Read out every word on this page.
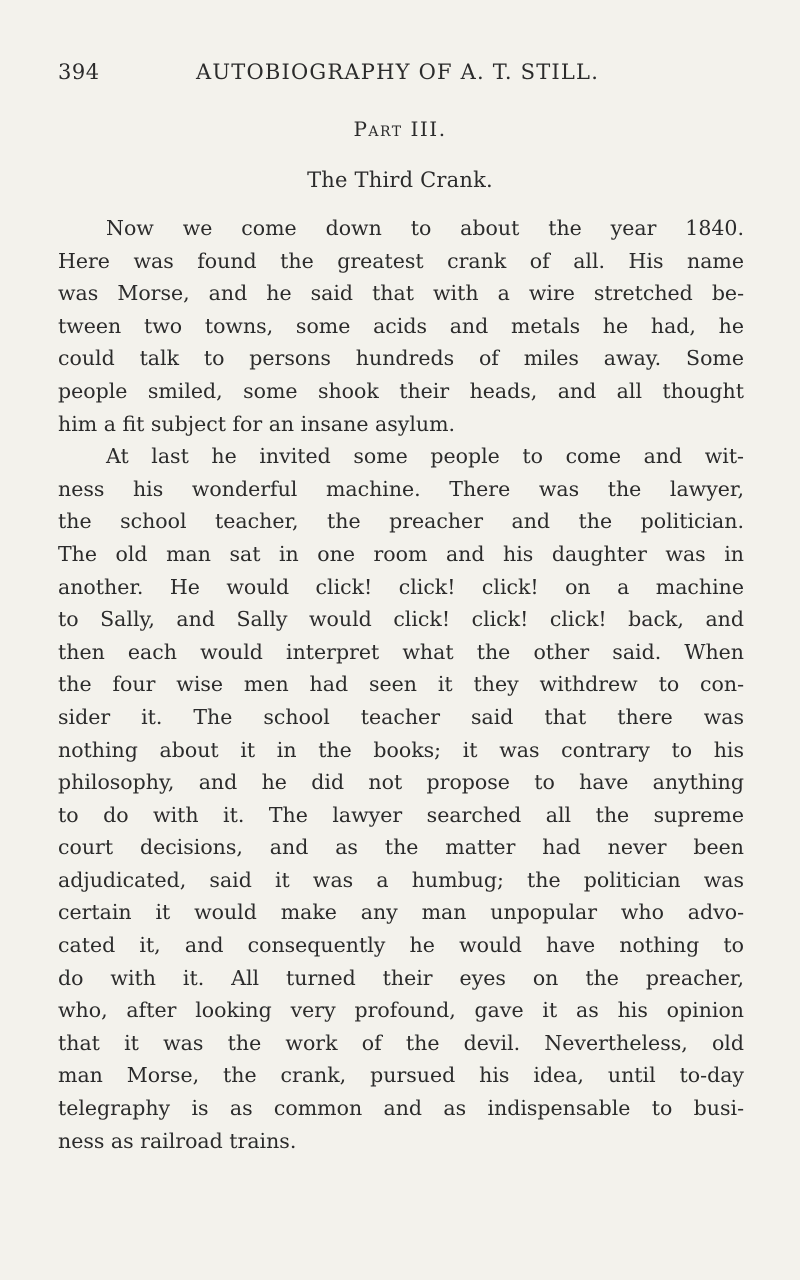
394	AUTOBIOGRAPHY OF A. T. STILL.
Part III.
The Third Crank.
Now we come down to about the year 1840.
Here was found the greatest crank of all. His name
was Morse, and he said that with a wire stretched be-
tween two towns, some acids and metals he had, he
could talk to persons hundreds of miles away. Some
people smiled, some shook their heads, and all thought
him a fit subject for an insane asylum.
At last he invited some people to come and wit-
ness his wonderful machine. There was the lawyer,
the school teacher, the preacher and the politician.
The old man sat in one room and his daughter was in
another. He would click! click! click! on a machine
to Sally, and Sally would click! click! click! back, and
then each would interpret what the other said. When
the four wise men had seen it they withdrew to con-
sider it. The school teacher said that there was
nothing about it in the books; it was contrary to his
philosophy, and he did not propose to have anything
to do with it. The lawyer searched all the supreme
court decisions, and as the matter had never been
adjudicated, said it was a humbug; the politician was
certain it would make any man unpopular who advo-
cated it, and consequently he would have nothing to
do with it. All turned their eyes on the preacher,
who, after looking very profound, gave it as his opinion
that it was the work of the devil. Nevertheless, old
man Morse, the crank, pursued his idea, until to-day
telegraphy is as common and as indispensable to busi-
ness as railroad trains.
